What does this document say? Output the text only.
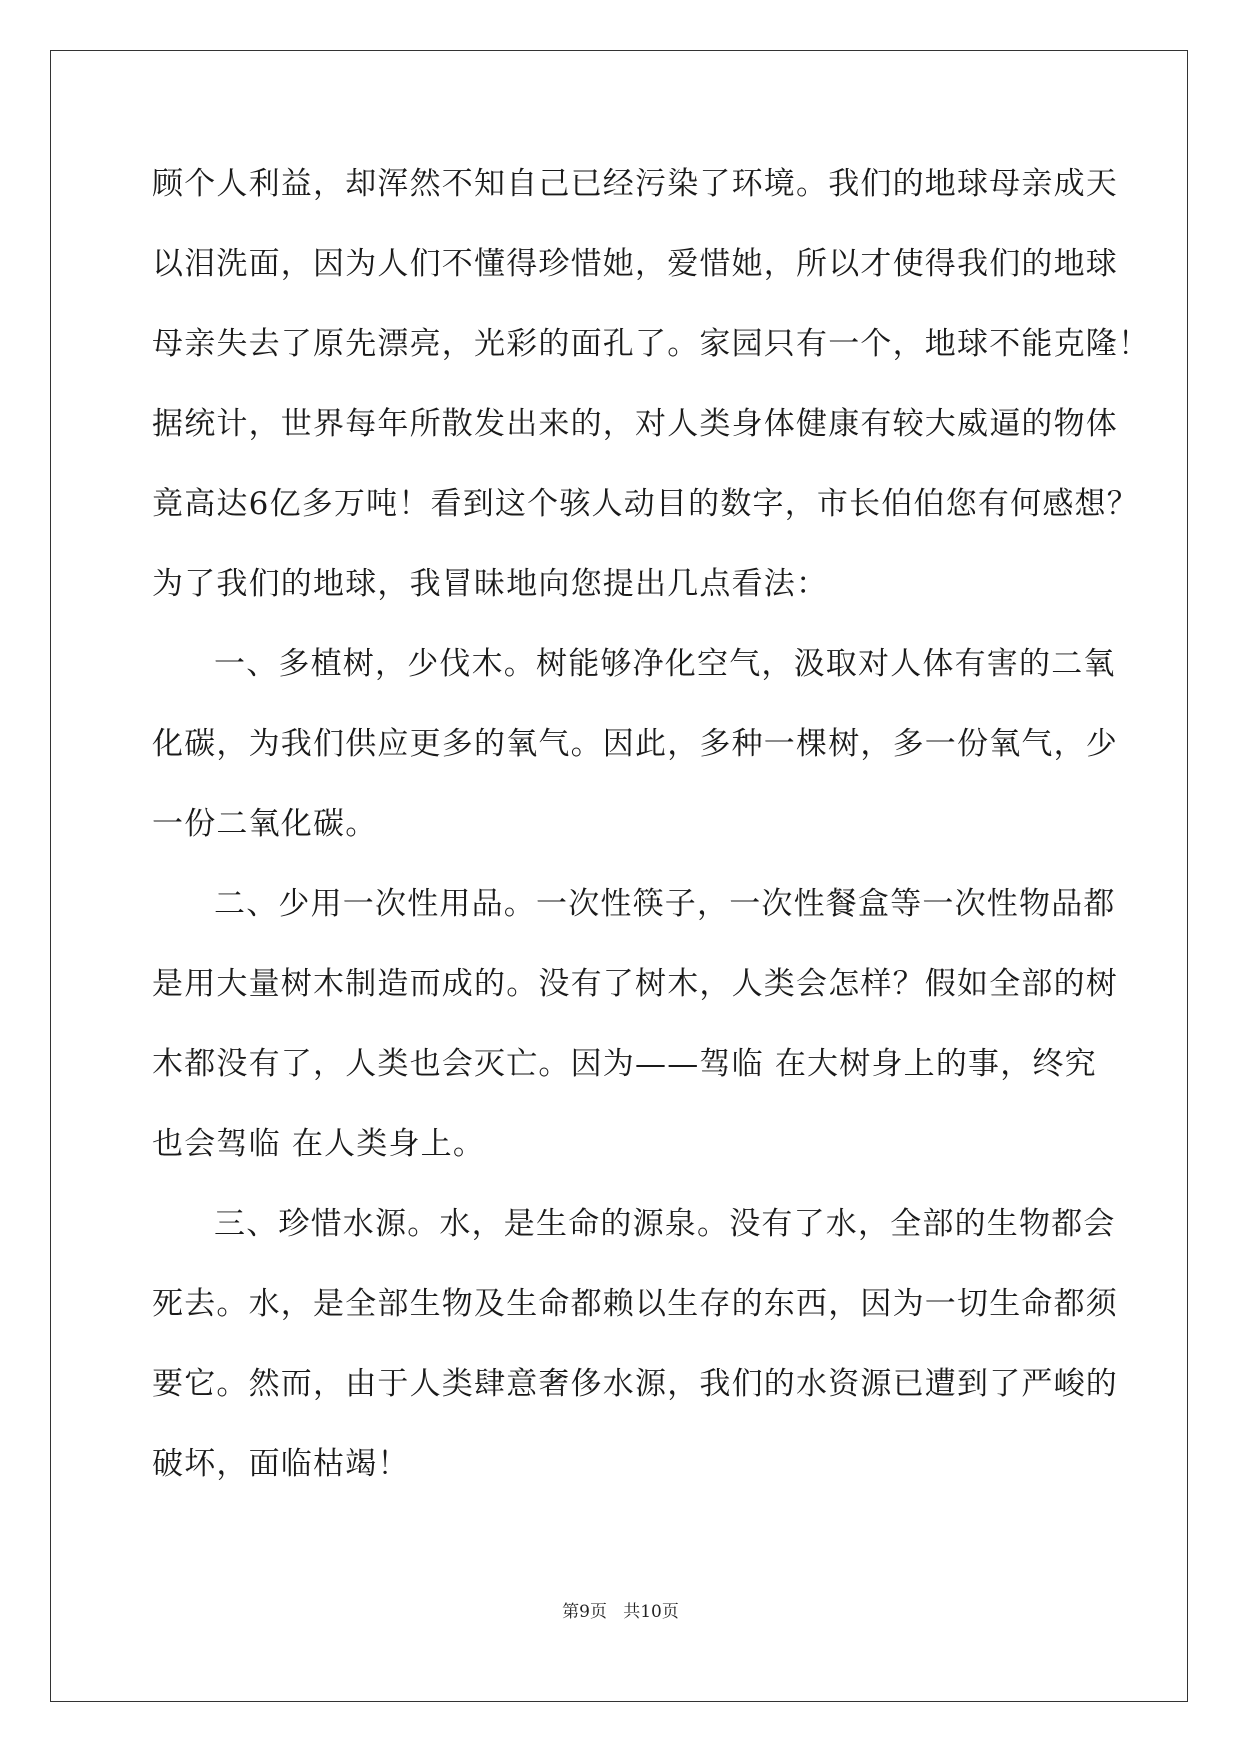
顾个人利益，却浑然不知自己已经污染了环境。我们的地球母亲成天
以泪洗面，因为人们不懂得珍惜她，爱惜她，所以才使得我们的地球
母亲失去了原先漂亮，光彩的面孔了。家园只有一个，地球不能克隆！
据统计，世界每年所散发出来的，对人类身体健康有较大威逼的物体
竟高达6亿多万吨！看到这个骇人动目的数字，市长伯伯您有何感想？
为了我们的地球，我冒昧地向您提出几点看法：
一、多植树，少伐木。树能够净化空气，汲取对人体有害的二氧
化碳，为我们供应更多的氧气。因此，多种一棵树，多一份氧气，少
一份二氧化碳。
二、少用一次性用品。一次性筷子，一次性餐盒等一次性物品都
是用大量树木制造而成的。没有了树木，人类会怎样？假如全部的树
木都没有了，人类也会灭亡。因为——驾临 在大树身上的事，终究
也会驾临 在人类身上。
三、珍惜水源。水，是生命的源泉。没有了水，全部的生物都会
死去。水，是全部生物及生命都赖以生存的东西，因为一切生命都须
要它。然而，由于人类肆意奢侈水源，我们的水资源已遭到了严峻的
破坏，面临枯竭！
第9页 共10页
